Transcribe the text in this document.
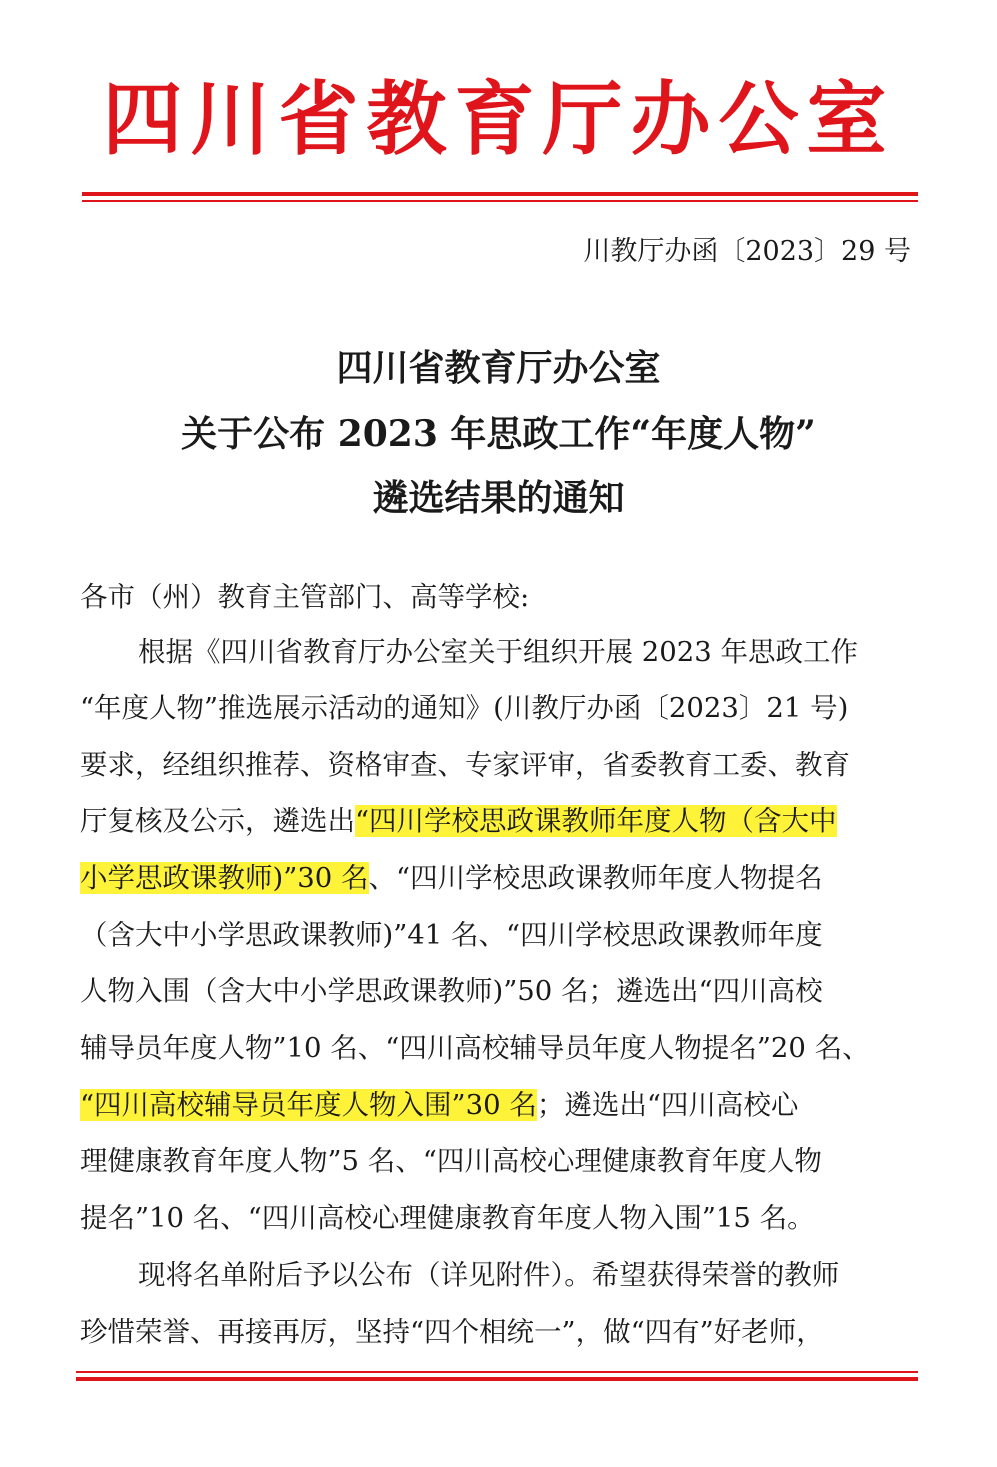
四川省教育厅办公室
川教厅办函〔2023〕29 号
四川省教育厅办公室
关于公布 2023 年思政工作“年度人物”
遴选结果的通知
各市（州）教育主管部门、高等学校:
根据《四川省教育厅办公室关于组织开展 2023 年思政工作
“年度人物”推选展示活动的通知》(川教厅办函〔2023〕21 号)
要求，经组织推荐、资格审查、专家评审，省委教育工委、教育
厅复核及公示，遴选出“四川学校思政课教师年度人物（含大中
小学思政课教师)”30 名、“四川学校思政课教师年度人物提名
（含大中小学思政课教师)”41 名、“四川学校思政课教师年度
人物入围（含大中小学思政课教师)”50 名；遴选出“四川高校
辅导员年度人物”10 名、“四川高校辅导员年度人物提名”20 名、
“四川高校辅导员年度人物入围”30 名；遴选出“四川高校心
理健康教育年度人物”5 名、“四川高校心理健康教育年度人物
提名”10 名、“四川高校心理健康教育年度人物入围”15 名。
现将名单附后予以公布（详见附件）。希望获得荣誉的教师
珍惜荣誉、再接再厉，坚持“四个相统一”，做“四有”好老师，
